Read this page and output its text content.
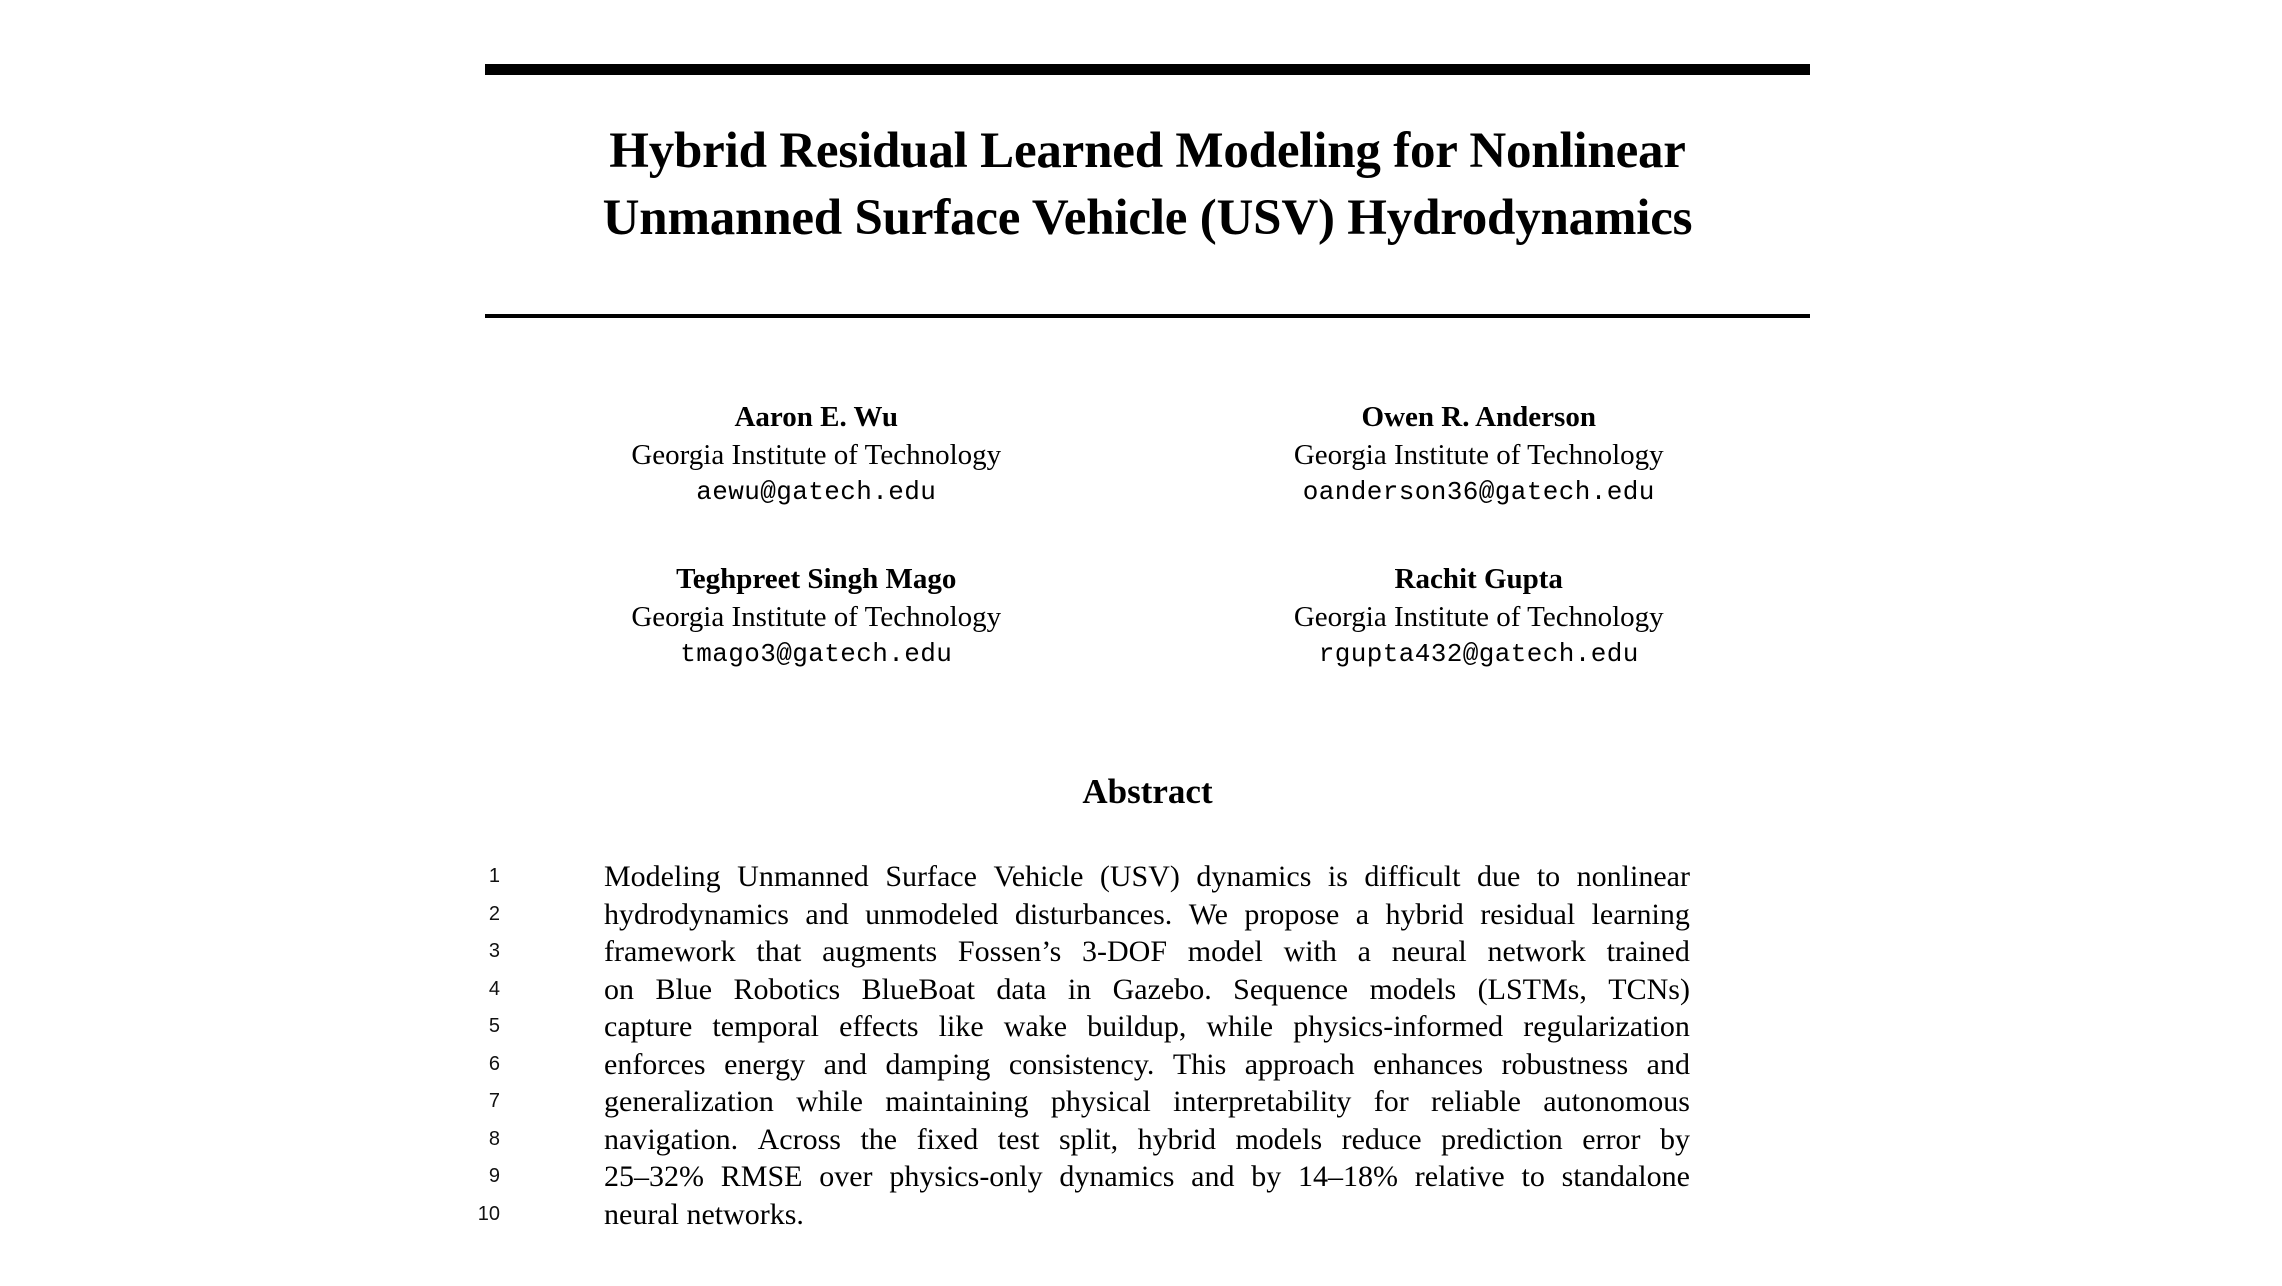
Hybrid Residual Learned Modeling for Nonlinear
Unmanned Surface Vehicle (USV) Hydrodynamics
Aaron E. Wu
Georgia Institute of Technology
aewu@gatech.edu
Owen R. Anderson
Georgia Institute of Technology
oanderson36@gatech.edu
Teghpreet Singh Mago
Georgia Institute of Technology
tmago3@gatech.edu
Rachit Gupta
Georgia Institute of Technology
rgupta432@gatech.edu
Abstract
1	Modeling Unmanned Surface Vehicle (USV) dynamics is difficult due to nonlinear
2	hydrodynamics and unmodeled disturbances. We propose a hybrid residual learning
3	framework that augments Fossen’s 3-DOF model with a neural network trained
4	on Blue Robotics BlueBoat data in Gazebo. Sequence models (LSTMs, TCNs)
5	capture temporal effects like wake buildup, while physics-informed regularization
6	enforces energy and damping consistency. This approach enhances robustness and
7	generalization while maintaining physical interpretability for reliable autonomous
8	navigation. Across the fixed test split, hybrid models reduce prediction error by
9	25–32% RMSE over physics-only dynamics and by 14–18% relative to standalone
10	neural networks.
